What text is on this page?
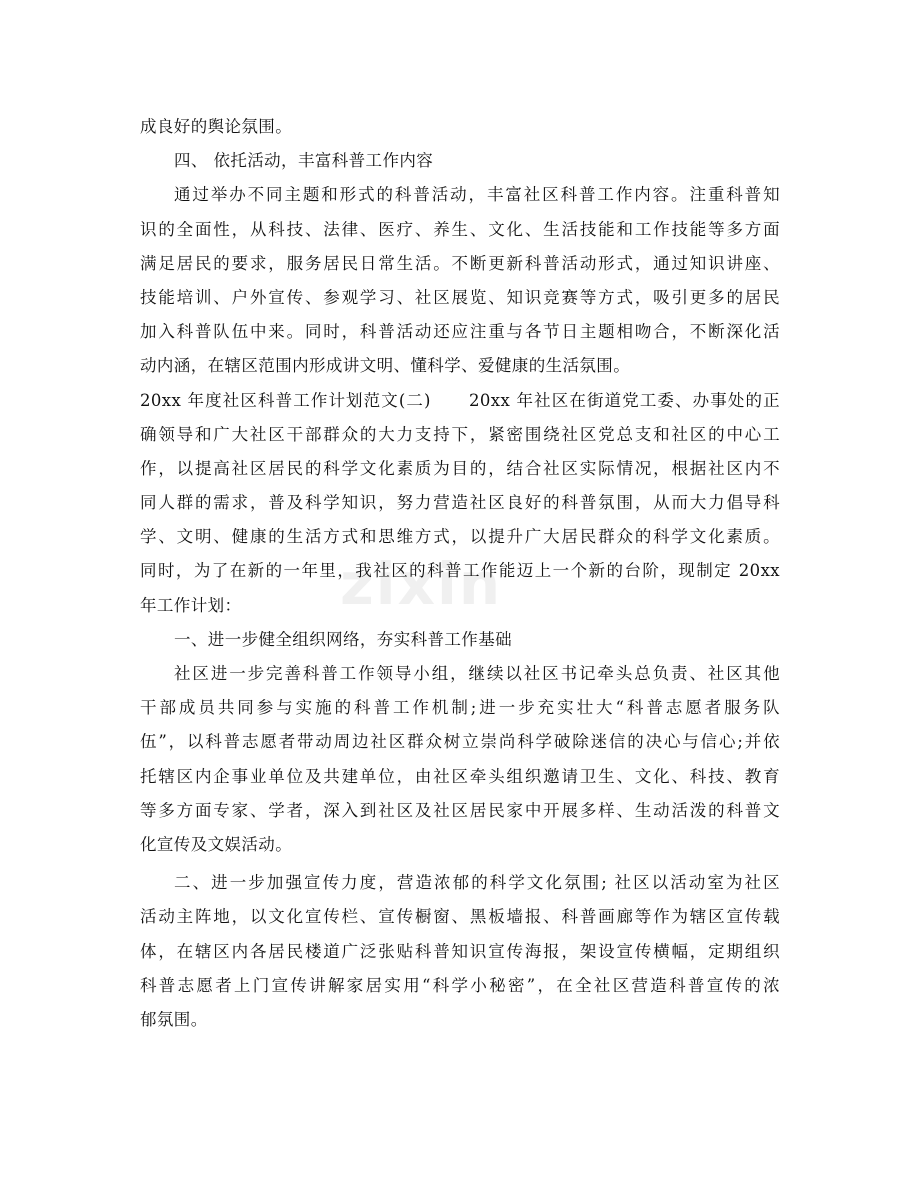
zixin
成良好的舆论氛围。
四、 依托活动，丰富科普工作内容
通过举办不同主题和形式的科普活动，丰富社区科普工作内容。注重科普知
识的全面性，从科技、法律、医疗、养生、文化、生活技能和工作技能等多方面
满足居民的要求，服务居民日常生活。不断更新科普活动形式，通过知识讲座、
技能培训、户外宣传、参观学习、社区展览、知识竞赛等方式，吸引更多的居民
加入科普队伍中来。同时，科普活动还应注重与各节日主题相吻合，不断深化活
动内涵，在辖区范围内形成讲文明、懂科学、爱健康的生活氛围。
20xx 年度社区科普工作计划范文(二)      20xx 年社区在街道党工委、办事处的正
确领导和广大社区干部群众的大力支持下，紧密围绕社区党总支和社区的中心工
作，以提高社区居民的科学文化素质为目的，结合社区实际情况，根据社区内不
同人群的需求，普及科学知识，努力营造社区良好的科普氛围，从而大力倡导科
学、文明、健康的生活方式和思维方式，以提升广大居民群众的科学文化素质。
同时，为了在新的一年里，我社区的科普工作能迈上一个新的台阶，现制定 20xx
年工作计划：
一、进一步健全组织网络，夯实科普工作基础
社区进一步完善科普工作领导小组，继续以社区书记牵头总负责、社区其他
干部成员共同参与实施的科普工作机制;进一步充实壮大“科普志愿者服务队
伍”，以科普志愿者带动周边社区群众树立崇尚科学破除迷信的决心与信心;并依
托辖区内企事业单位及共建单位，由社区牵头组织邀请卫生、文化、科技、教育
等多方面专家、学者，深入到社区及社区居民家中开展多样、生动活泼的科普文
化宣传及文娱活动。
二、进一步加强宣传力度，营造浓郁的科学文化氛围; 社区以活动室为社区
活动主阵地，以文化宣传栏、宣传橱窗、黑板墙报、科普画廊等作为辖区宣传载
体，在辖区内各居民楼道广泛张贴科普知识宣传海报，架设宣传横幅，定期组织
科普志愿者上门宣传讲解家居实用“科学小秘密”，在全社区营造科普宣传的浓
郁氛围。
